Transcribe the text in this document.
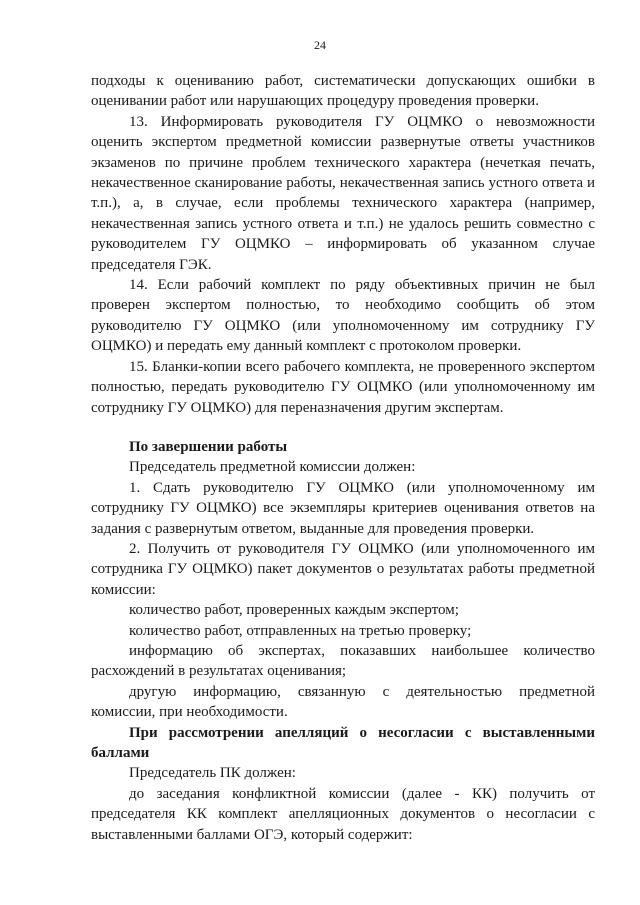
24

подходы к оцениванию работ, систематически допускающих ошибки в оценивании работ или нарушающих процедуру проведения проверки.

13. Информировать руководителя ГУ ОЦМКО о невозможности оценить экспертом предметной комиссии развернутые ответы участников экзаменов по причине проблем технического характера (нечеткая печать, некачественное сканирование работы, некачественная запись устного ответа и т.п.), а, в случае, если проблемы технического характера (например, некачественная запись устного ответа и т.п.) не удалось решить совместно с руководителем ГУ ОЦМКО – информировать об указанном случае председателя ГЭК.

14. Если рабочий комплект по ряду объективных причин не был проверен экспертом полностью, то необходимо сообщить об этом руководителю ГУ ОЦМКО (или уполномоченному им сотруднику ГУ ОЦМКО) и передать ему данный комплект с протоколом проверки.

15. Бланки-копии всего рабочего комплекта, не проверенного экспертом полностью, передать руководителю ГУ ОЦМКО (или уполномоченному им сотруднику ГУ ОЦМКО) для переназначения другим экспертам.

По завершении работы

Председатель предметной комиссии должен:

1. Сдать руководителю ГУ ОЦМКО (или уполномоченному им сотруднику ГУ ОЦМКО) все экземпляры критериев оценивания ответов на задания с развернутым ответом, выданные для проведения проверки.

2. Получить от руководителя ГУ ОЦМКО (или уполномоченного им сотрудника ГУ ОЦМКО) пакет документов о результатах работы предметной комиссии:

количество работ, проверенных каждым экспертом;

количество работ, отправленных на третью проверку;

информацию об экспертах, показавших наибольшее количество расхождений в результатах оценивания;

другую информацию, связанную с деятельностью предметной комиссии, при необходимости.

При рассмотрении апелляций о несогласии с выставленными баллами

Председатель ПК должен:

до заседания конфликтной комиссии (далее - КК) получить от председателя КК комплект апелляционных документов о несогласии с выставленными баллами ОГЭ, который содержит:
